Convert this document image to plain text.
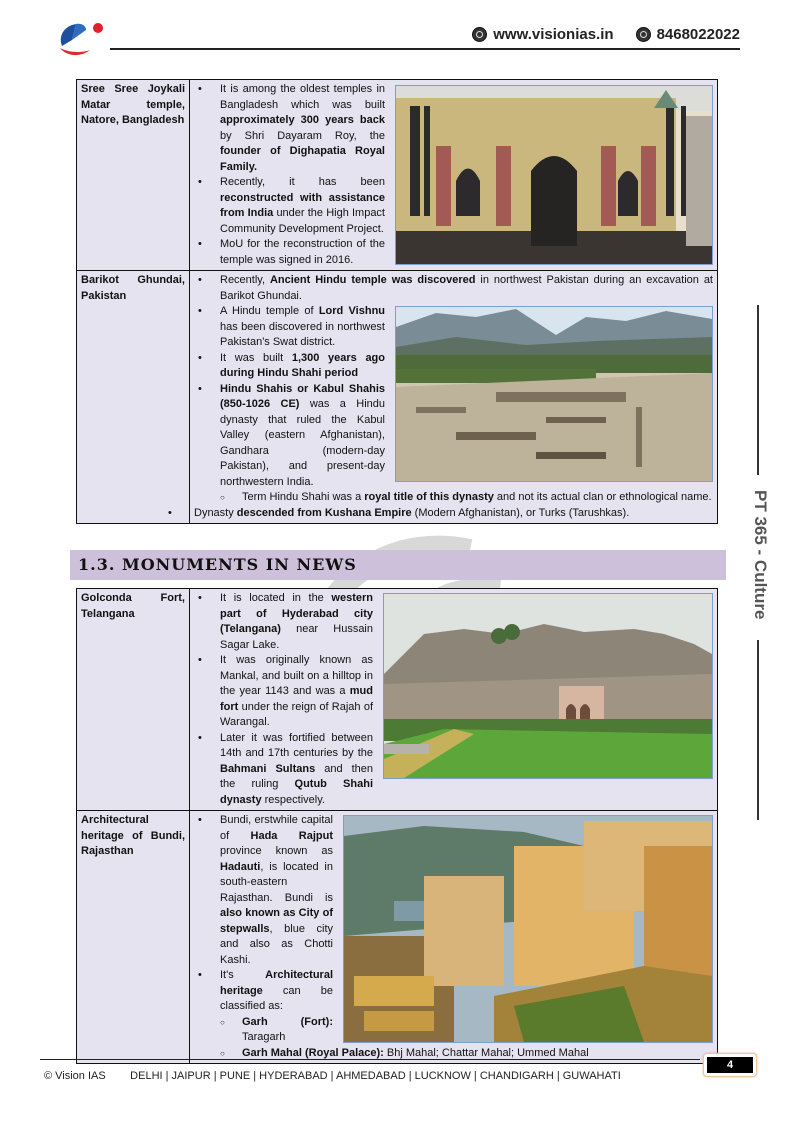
www.visionias.in	8468022022
PT 365 - Culture
Sree Sree Joykali Matar temple, Natore, Bangladesh

• It is among the oldest temples in Bangladesh which was built approximately 300 years back by Shri Dayaram Roy, the founder of Dighapatia Royal Family.
• Recently, it has been reconstructed with assistance from India under the High Impact Community Development Project.
• MoU for the reconstruction of the temple was signed in 2016.

Barikot Ghundai, Pakistan

• Recently, Ancient Hindu temple was discovered in northwest Pakistan during an excavation at Barikot Ghundai.
• A Hindu temple of Lord Vishnu has been discovered in northwest Pakistan's Swat district.
• It was built 1,300 years ago during Hindu Shahi period
• Hindu Shahis or Kabul Shahis (850-1026 CE) was a Hindu dynasty that ruled the Kabul Valley (eastern Afghanistan), Gandhara (modern-day Pakistan), and present-day northwestern India.
○ Term Hindu Shahi was a royal title of this dynasty and not its actual clan or ethnological name.
• Dynasty descended from Kushana Empire (Modern Afghanistan), or Turks (Tarushkas).
1.3. MONUMENTS IN NEWS
Golconda Fort, Telangana

• It is located in the western part of Hyderabad city (Telangana) near Hussain Sagar Lake.
• It was originally known as Mankal, and built on a hilltop in the year 1143 and was a mud fort under the reign of Rajah of Warangal.
• Later it was fortified between 14th and 17th centuries by the Bahmani Sultans and then the ruling Qutub Shahi dynasty respectively.

Architectural heritage of Bundi, Rajasthan

• Bundi, erstwhile capital of Hada Rajput province known as Hadauti, is located in south-eastern Rajasthan. Bundi is also known as City of stepwalls, blue city and also as Chotti Kashi.
• It's Architectural heritage can be classified as:
○ Garh (Fort): Taragarh
○ Garh Mahal (Royal Palace): Bhj Mahal; Chattar Mahal; Ummed Mahal
© Vision IAS DELHI | JAIPUR | PUNE | HYDERABAD | AHMEDABAD | LUCKNOW | CHANDIGARH | GUWAHATI
4
